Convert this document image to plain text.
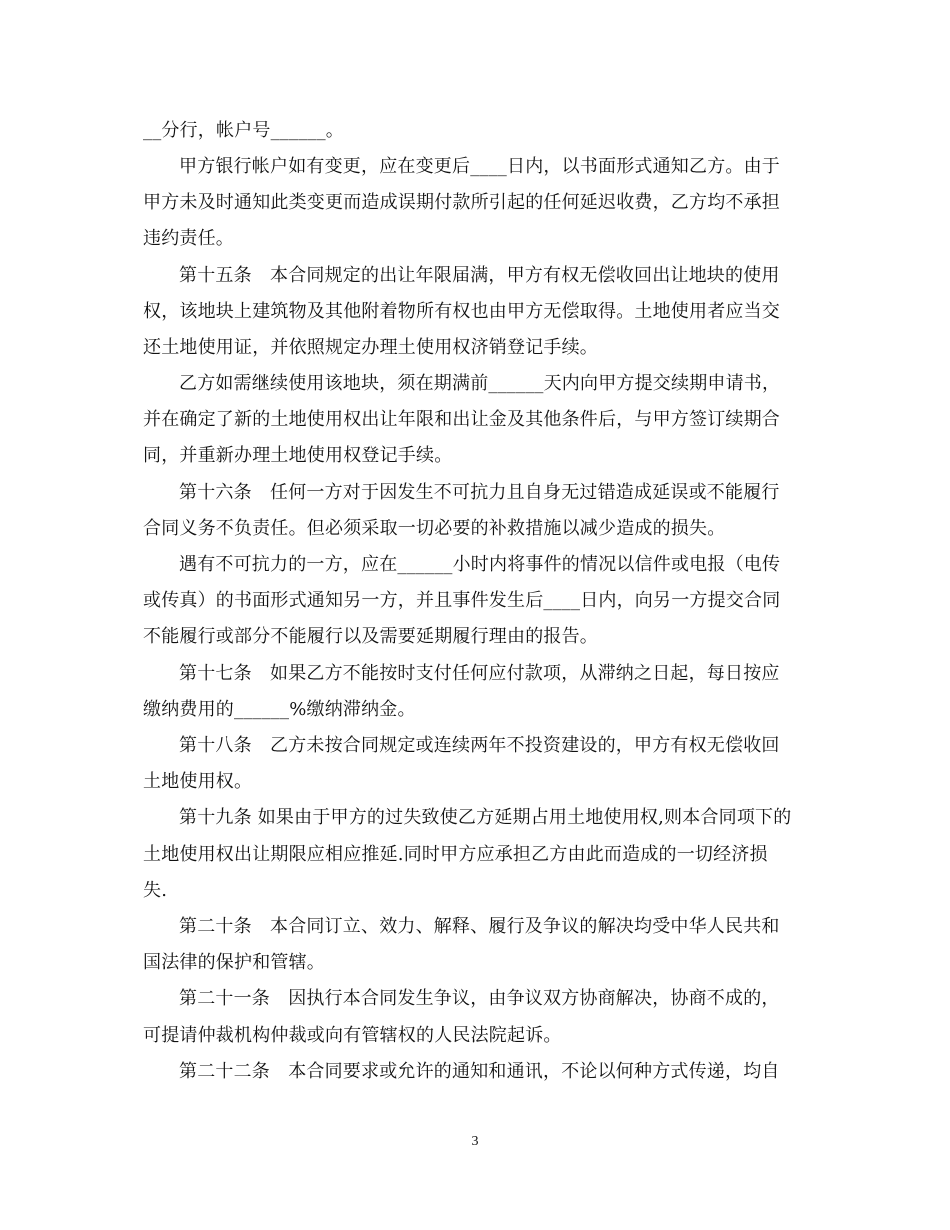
__分行，帐户号______。
甲方银行帐户如有变更，应在变更后____日内，以书面形式通知乙方。由于
甲方未及时通知此类变更而造成误期付款所引起的任何延迟收费，乙方均不承担
违约责任。
第十五条　本合同规定的出让年限届满，甲方有权无偿收回出让地块的使用
权，该地块上建筑物及其他附着物所有权也由甲方无偿取得。土地使用者应当交
还土地使用证，并依照规定办理土使用权济销登记手续。
乙方如需继续使用该地块，须在期满前______天内向甲方提交续期申请书，
并在确定了新的土地使用权出让年限和出让金及其他条件后，与甲方签订续期合
同，并重新办理土地使用权登记手续。
第十六条　任何一方对于因发生不可抗力且自身无过错造成延误或不能履行
合同义务不负责任。但必须采取一切必要的补救措施以减少造成的损失。
遇有不可抗力的一方，应在______小时内将事件的情况以信件或电报（电传
或传真）的书面形式通知另一方，并且事件发生后____日内，向另一方提交合同
不能履行或部分不能履行以及需要延期履行理由的报告。
第十七条　如果乙方不能按时支付任何应付款项，从滞纳之日起，每日按应
缴纳费用的______%缴纳滞纳金。
第十八条　乙方未按合同规定或连续两年不投资建设的，甲方有权无偿收回
土地使用权。
第十九条 如果由于甲方的过失致使乙方延期占用土地使用权,则本合同项下的
土地使用权出让期限应相应推延.同时甲方应承担乙方由此而造成的一切经济损
失.
第二十条　本合同订立、效力、解释、履行及争议的解决均受中华人民共和
国法律的保护和管辖。
第二十一条　因执行本合同发生争议，由争议双方协商解决，协商不成的，
可提请仲裁机构仲裁或向有管辖权的人民法院起诉。
第二十二条　本合同要求或允许的通知和通讯，不论以何种方式传递，均自
3
